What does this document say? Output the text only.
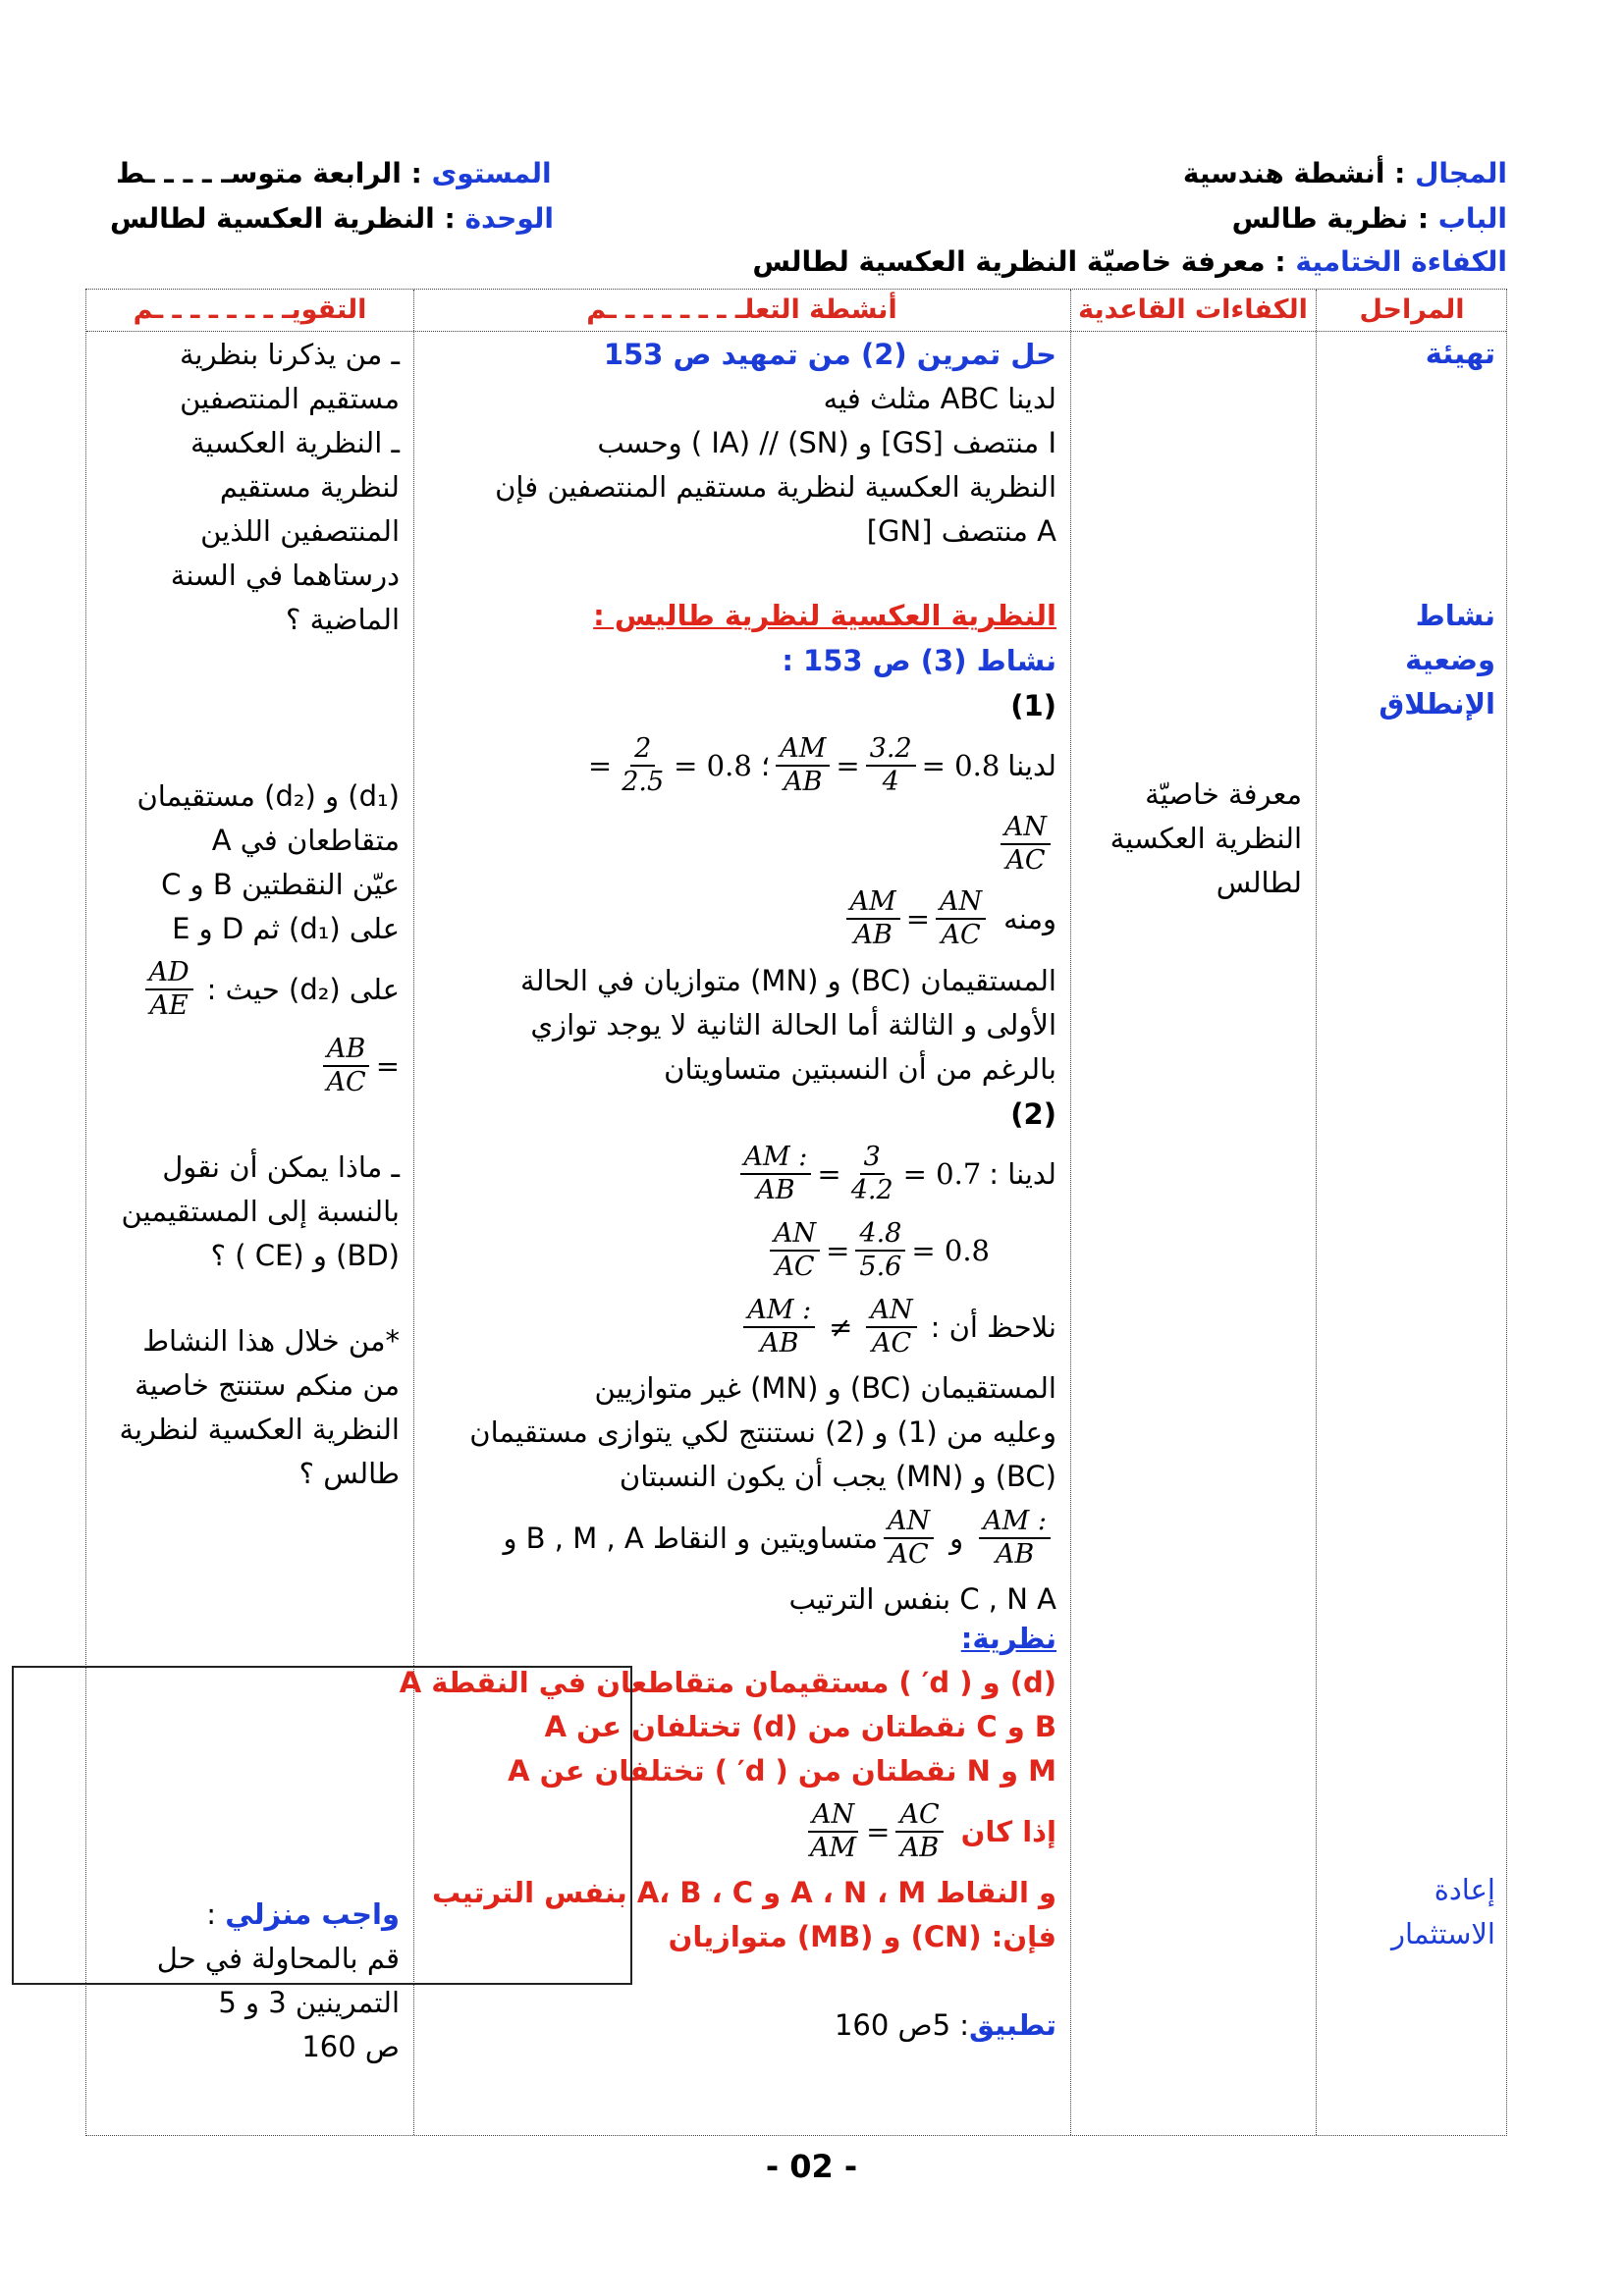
المجال : أنشطة هندسية
الباب : نظرية طالس
الكفاءة الختامية : معرفة خاصيّة النظرية العكسية لطالس
المستوى : الرابعة متوسـ ـ ـ ـ ـط
الوحدة : النظرية العكسية لطالس
المراحل
الكفاءات القاعدية
أنشطة التعلـ ـ ـ ـ ـ ـ ـ ـم
التقويـ ـ ـ ـ ـ ـ ـ ـم
تهيئة
نشاط
وضعية
الإنطلاق
إعادة
الاستثمار
معرفة خاصيّة
النظرية العكسية
لطالس
حل تمرين (2) من تمهيد ص 153
لدينا ABC مثلث فيه
I منتصف [GS] و (SN) // (IA ) وحسب
النظرية العكسية لنظرية مستقيم المنتصفين فإن
A منتصف [GN]
النظرية العكسية لنظرية طاليس :
نشاط (3) ص 153 :
(1)
= $\frac{2}{2.5} = 0.8$ ؛ $\frac{AM}{AB} = \frac{3.2}{4} = 0.8$ لدينا
$\frac{AN}{AC}$
$\frac{AM}{AB} = \frac{AN}{AC}$ ومنه
المستقيمان (BC) و (MN) متوازيان في الحالة
الأولى و الثالثة أما الحالة الثانية لا يوجد توازي
بالرغم من أن النسبتين متساويتان
(2)
$\frac{AM :}{AB} = \frac{3}{4.2} = 0.7$ لدينا :
$\frac{AN}{AC} = \frac{4.8}{5.6} = 0.8$
$\frac{AM :}{AB} \ne \frac{AN}{AC}$ نلاحظ أن :
المستقيمان (BC) و (MN) غير متوازيين
وعليه من (1) و (2) نستنتج لكي يتوازى مستقيمان
(BC) و (MN) يجب أن يكون النسبتان
متساويتين و النقاط B , M , A و $\frac{AN}{AC}$ و $\frac{AM :}{AB}$
C , N A بنفس الترتيب
نظرية:
(d) و ( d′ ) مستقيمان متقاطعان في النقطة A
B و C نقطتان من (d) تختلفان عن A
M و N نقطتان من ( d′ ) تختلفان عن A
$\frac{AN}{AM} = \frac{AC}{AB}$ إذا كان
و النقاط A ، N ، M و A، B ، C بنفس الترتيب
فإن: (CN) و (MB) متوازيان
تطبيق: 5ص 160
ـ من يذكرنا بنظرية
مستقيم المنتصفين
ـ النظرية العكسية
لنظرية مستقيم
المنتصفين اللذين
درستاهما في السنة
الماضية ؟
(d₁) و (d₂) مستقيمان
متقاطعان في A
عيّن النقطتين B و C
على (d₁) ثم D و E
$\frac{AD}{AE}$ على (d₂) حيث :
$\frac{AB}{AC}$ =
ـ ماذا يمكن أن نقول
بالنسبة إلى المستقيمين
(BD) و (CE ) ؟
*من خلال هذا النشاط
من منكم ستنتج خاصية
النظرية العكسية لنظرية
طالس ؟
واجب منزلي :
قم بالمحاولة في حل
التمرينين 3 و 5
ص 160
- 02 -
